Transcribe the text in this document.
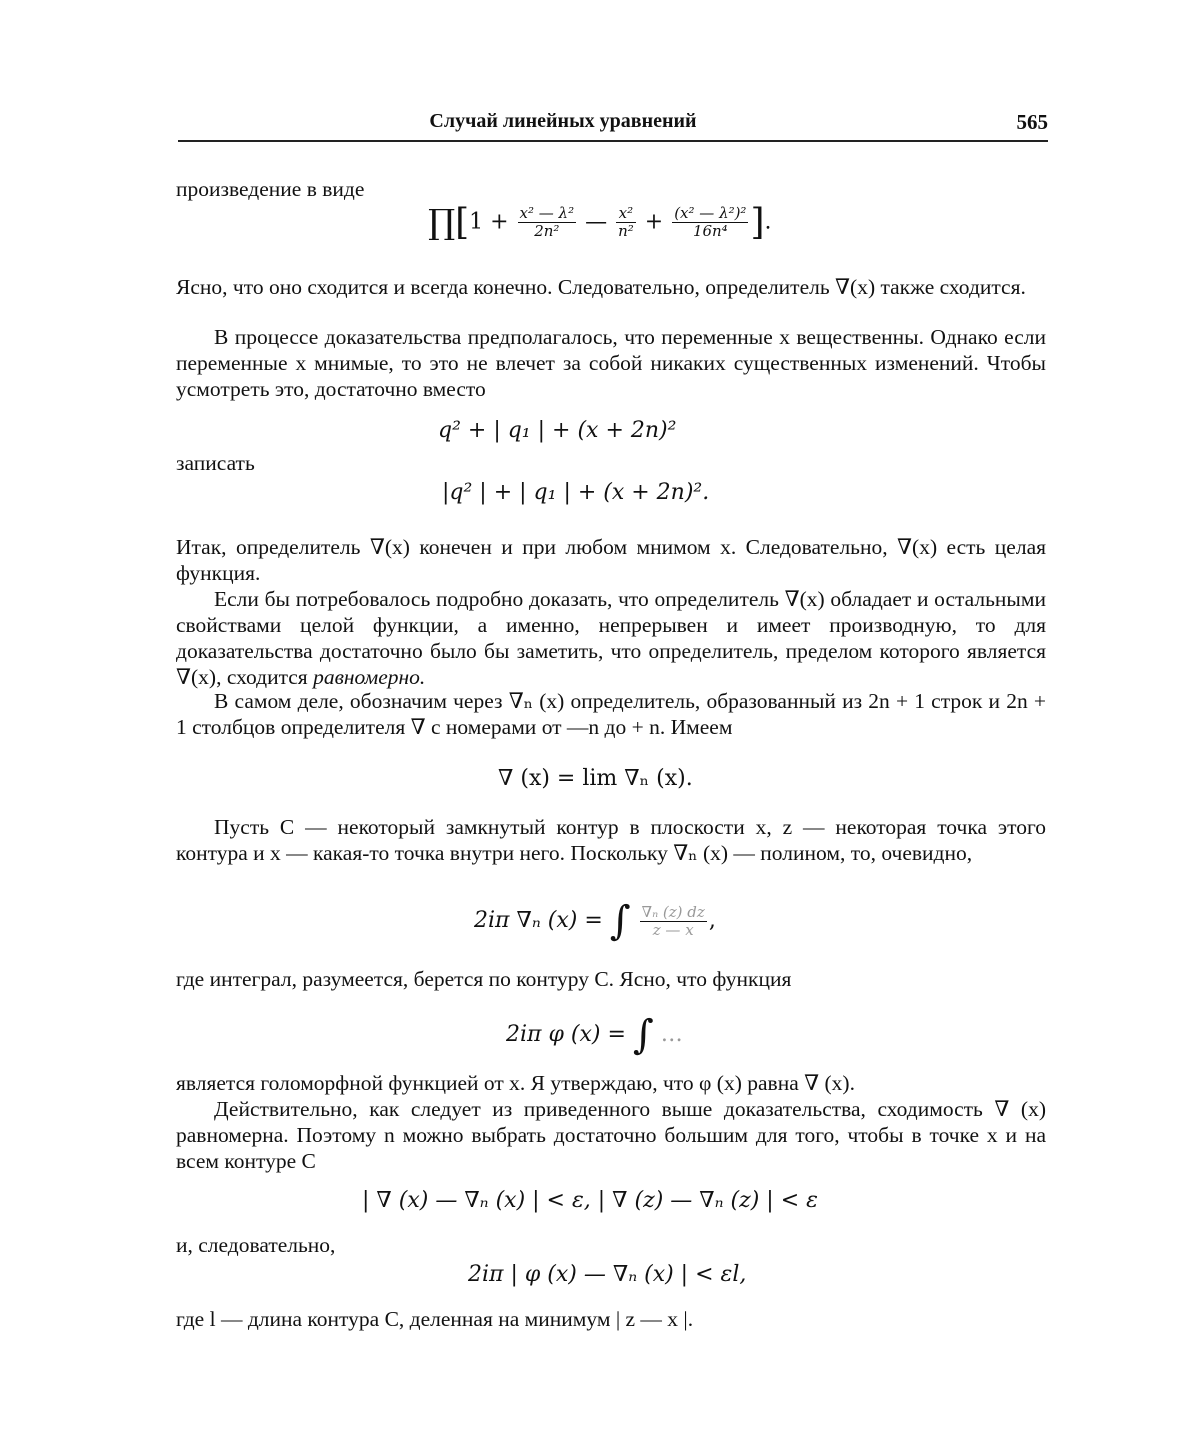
Случай линейных уравнений	565

произведение в виде

∏[1 + $\frac{\text{x² — λ²}}{\text{2n²}}$ — $\frac{\text{x²}}{\text{n²}} + \frac{\text{(x² — λ²)²}}{\text{16n⁴}}$ ].

Ясно, что оно сходится и всегда конечно. Следовательно, определитель ∇(x) также сходится.

В процессе доказательства предполагалось, что переменные x вещественны. Однако если переменные x мнимые, то это не влечет за собой никаких существенных изменений. Чтобы усмотреть это, достаточно вместо

q² + | q₁ | + (x + 2n)²

записать

|q² | + | q₁ | + (x + 2n)².

Итак, определитель ∇(x) конечен и при любом мнимом x. Следовательно, ∇(x) есть целая функция.

Если бы потребовалось подробно доказать, что определитель ∇(x) обладает и остальными свойствами целой функции, а именно, непрерывен и имеет производную, то для доказательства достаточно было бы заметить, что определитель, пределом которого является ∇(x), сходится равномерно.

В самом деле, обозначим через ∇ₙ (x) определитель, образованный из 2n + 1 строк и 2n + 1 столбцов определителя ∇ с номерами от —n до + n. Имеем

∇ (x) = lim ∇ₙ (x).

Пусть C — некоторый замкнутый контур в плоскости x, z — некоторая точка этого контура и x — какая-то точка внутри него. Поскольку ∇ₙ (x) — полином, то, очевидно,

2iπ ∇ₙ (x) = ∫ $\frac{\text{∇ₙ (z) dz}}{z — x}$ ,

где интеграл, разумеется, берется по контуру C. Ясно, что функция

2iπ φ (x) = ∫ …

является голоморфной функцией от x. Я утверждаю, что φ (x) равна ∇ (x).

Действительно, как следует из приведенного выше доказательства, сходимость ∇ (x) равномерна. Поэтому n можно выбрать достаточно большим для того, чтобы в точке x и на всем контуре C

| ∇ (x) — ∇ₙ (x) | < ε, | ∇ (z) — ∇ₙ (z) | < ε

и, следовательно,

2iπ | φ (x) — ∇ₙ (x) | < εl,

где l — длина контура C, деленная на минимум | z — x |.
